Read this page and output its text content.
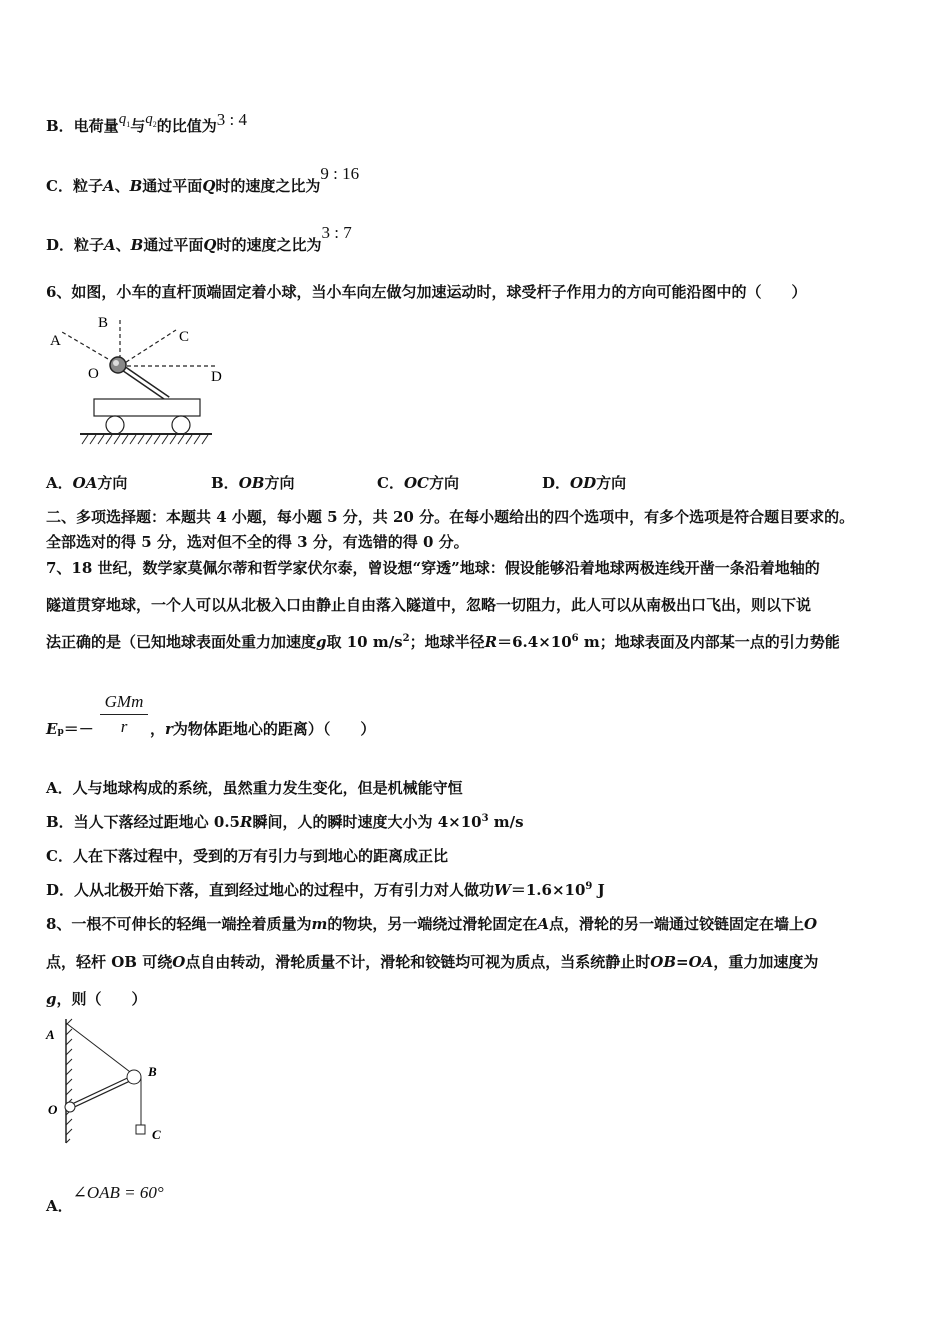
B．电荷量$q_1$与$q_2$的比值为3 : 4
C．粒子A、B通过平面Q时的速度之比为9 : 16
D．粒子A、B通过平面Q时的速度之比为3 : 7
6、如图，小车的直杆顶端固定着小球，当小车向左做匀加速运动时，球受杆子作用力的方向可能沿图中的（　　）
A
B
C
O	D
A．OA方向	B．OB方向	C．OC方向	D．OD方向
二、多项选择题：本题共 4 小题，每小题 5 分，共 20 分。在每小题给出的四个选项中，有多个选项是符合题目要求的。
全部选对的得 5 分，选对但不全的得 3 分，有选错的得 0 分。
7、18 世纪，数学家莫佩尔蒂和哲学家伏尔泰，曾设想“穿透”地球：假设能够沿着地球两极连线开凿一条沿着地轴的
隧道贯穿地球，一个人可以从北极入口由静止自由落入隧道中，忽略一切阻力，此人可以从南极出口飞出，则以下说
法正确的是（已知地球表面处重力加速度g取 10 $m/s^2$；地球半径$R=6.4\times 10^6$ m；地球表面及内部某一点的引力势能
Ep＝－
GMm
r	，r为物体距地心的距离）（　　）
A．人与地球构成的系统，虽然重力发生变化，但是机械能守恒
B．当人下落经过距地心 0.5R瞬间，人的瞬时速度大小为 $4\times 10^3$ m/s
C．人在下落过程中，受到的万有引力与到地心的距离成正比
D．人从北极开始下落，直到经过地心的过程中，万有引力对人做功$W=1.6\times 10^9$ J
8、一根不可伸长的轻绳一端拴着质量为m的物块，另一端绕过滑轮固定在A点，滑轮的另一端通过铰链固定在墙上O
点，轻杆 OB 可绕O点自由转动，滑轮质量不计，滑轮和铰链均可视为质点，当系统静止时OB=OA，重力加速度为
g，则（　　）
A
B
O
C
A．∠OAB = 60°
